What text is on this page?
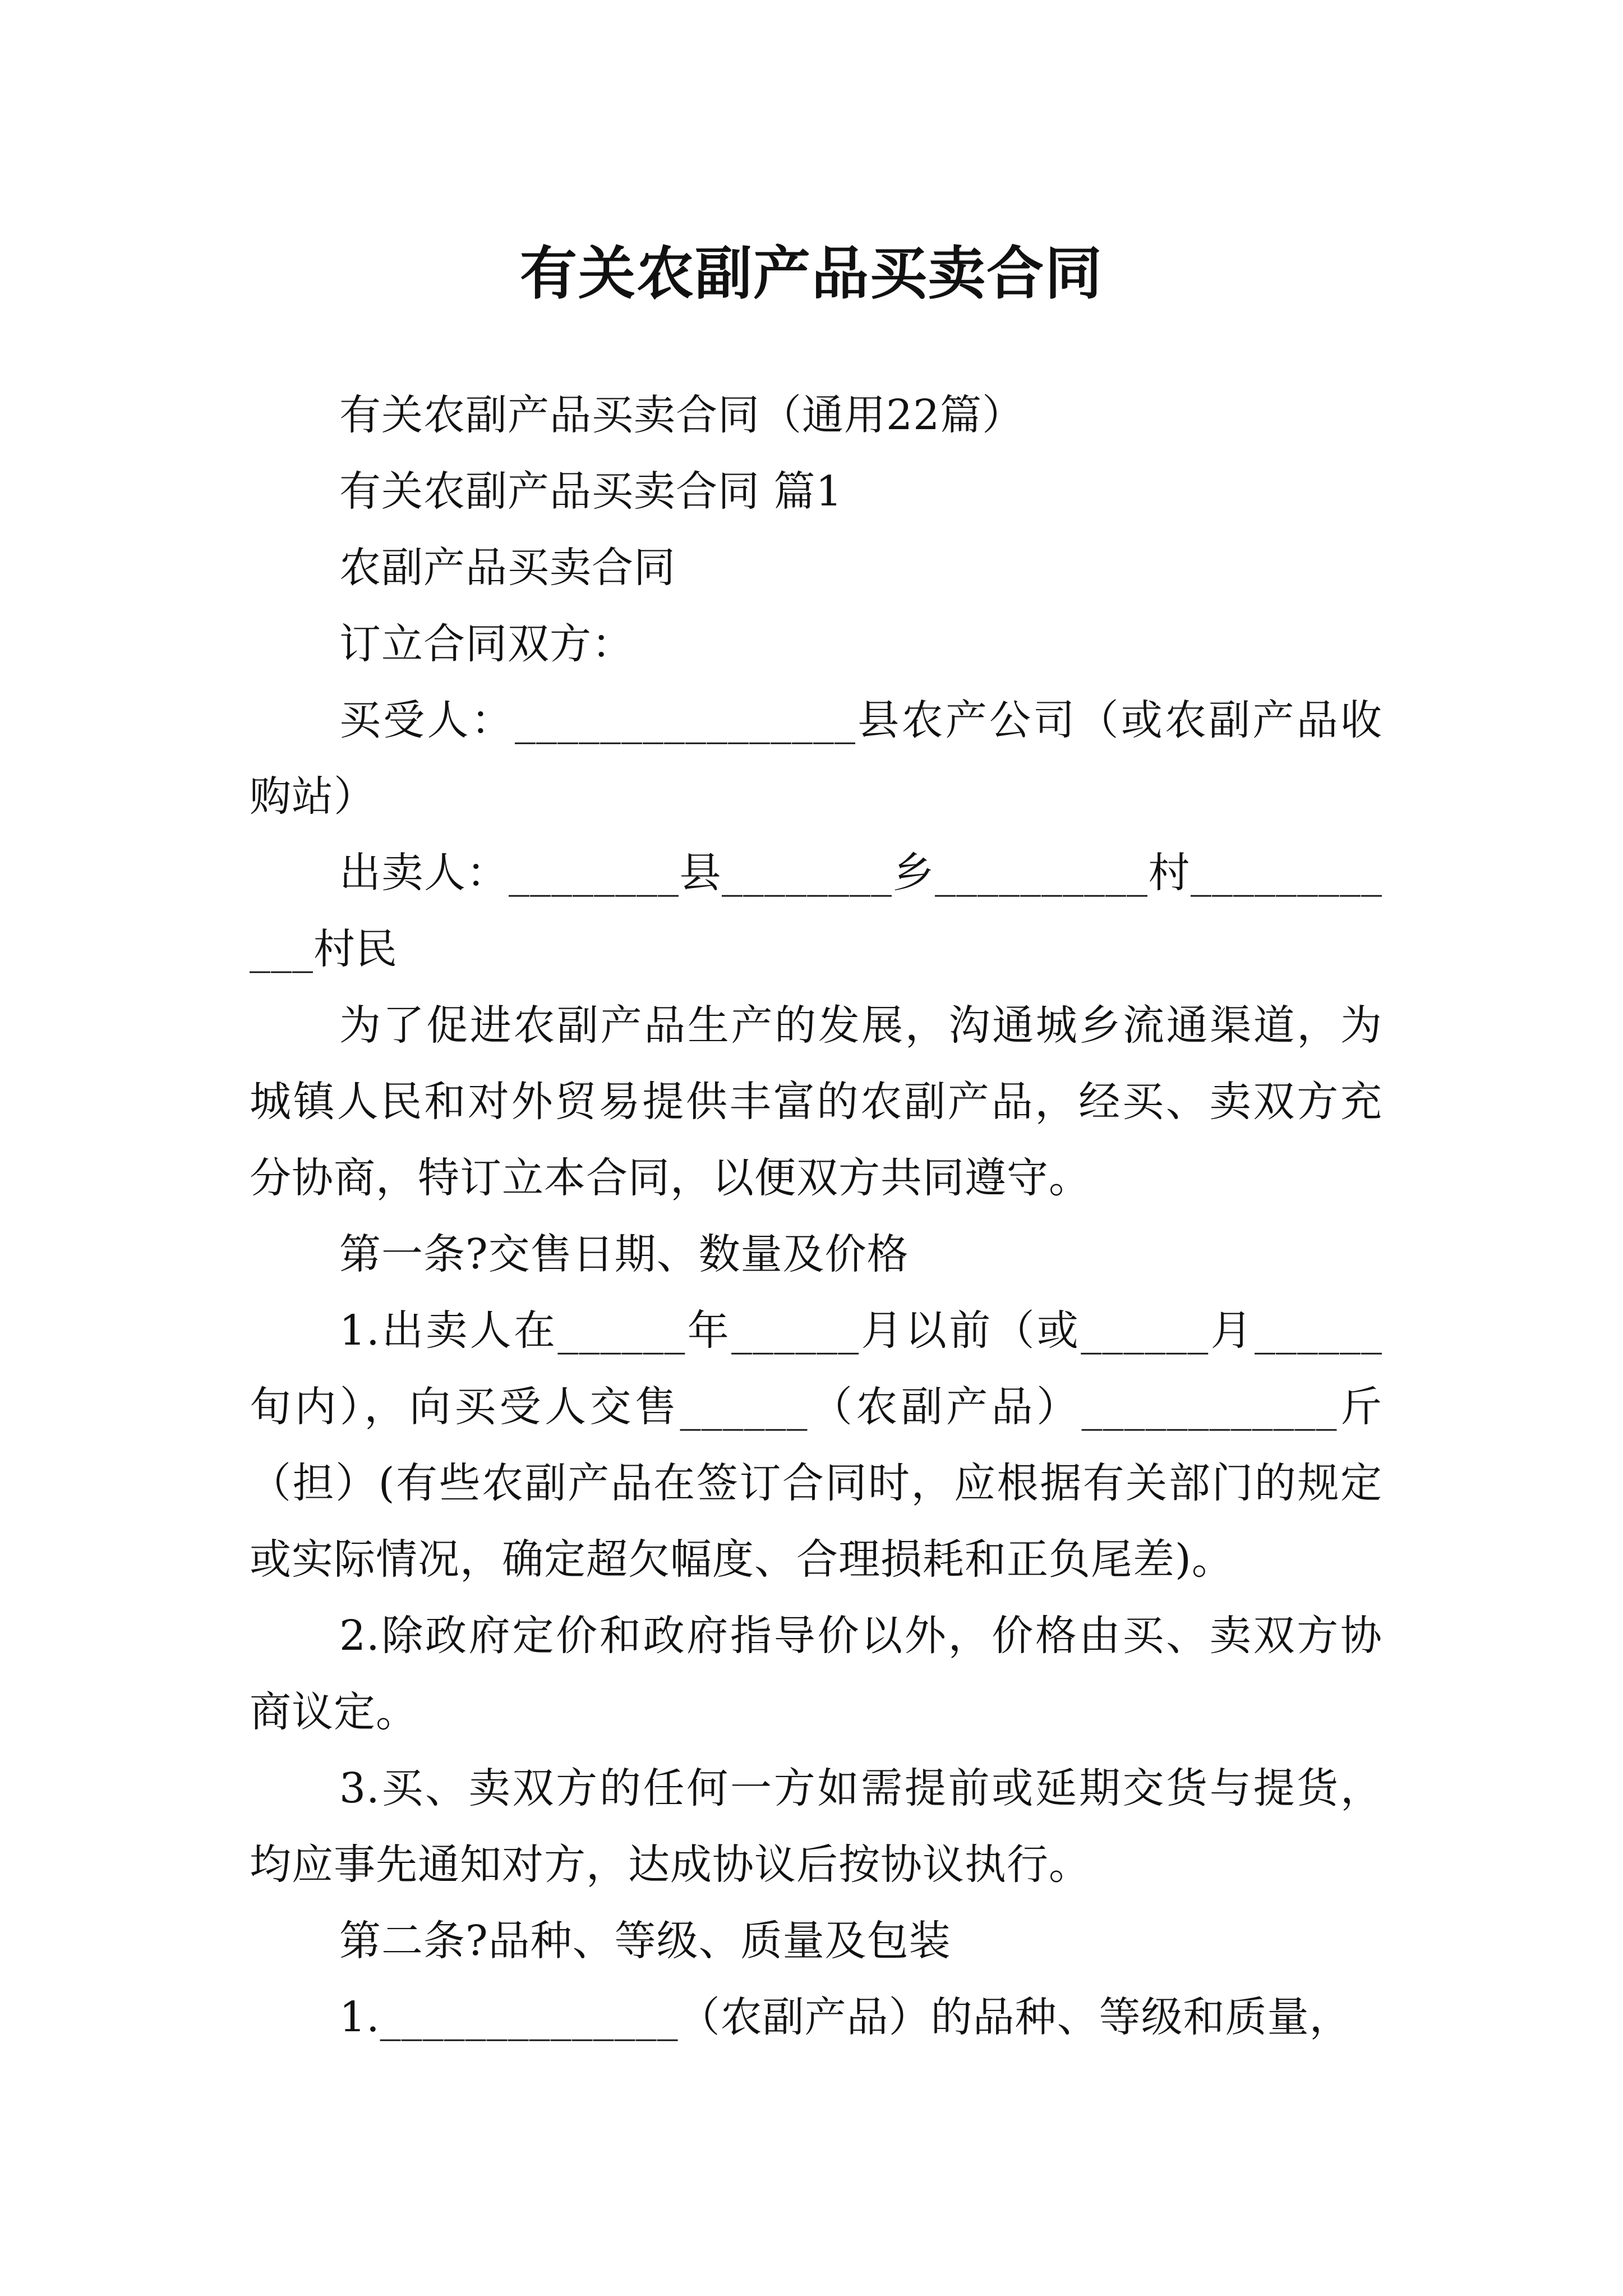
有关农副产品买卖合同

有关农副产品买卖合同（通用22篇）

有关农副产品买卖合同 篇1

农副产品买卖合同

订立合同双方：

买受人：________________县农产公司（或农副产品收购站）

出卖人：________县________乡__________村____________村民

为了促进农副产品生产的发展，沟通城乡流通渠道，为城镇人民和对外贸易提供丰富的农副产品，经买、卖双方充分协商，特订立本合同，以便双方共同遵守。

第一条?交售日期、数量及价格

1.出卖人在______年______月以前（或______月______旬内），向买受人交售______（农副产品）____________斤（担）(有些农副产品在签订合同时，应根据有关部门的规定或实际情况，确定超欠幅度、合理损耗和正负尾差)。

2.除政府定价和政府指导价以外，价格由买、卖双方协商议定。

3.买、卖双方的任何一方如需提前或延期交货与提货，均应事先通知对方，达成协议后按协议执行。

第二条?品种、等级、质量及包装

1.______________（农副产品）的品种、等级和质量，
